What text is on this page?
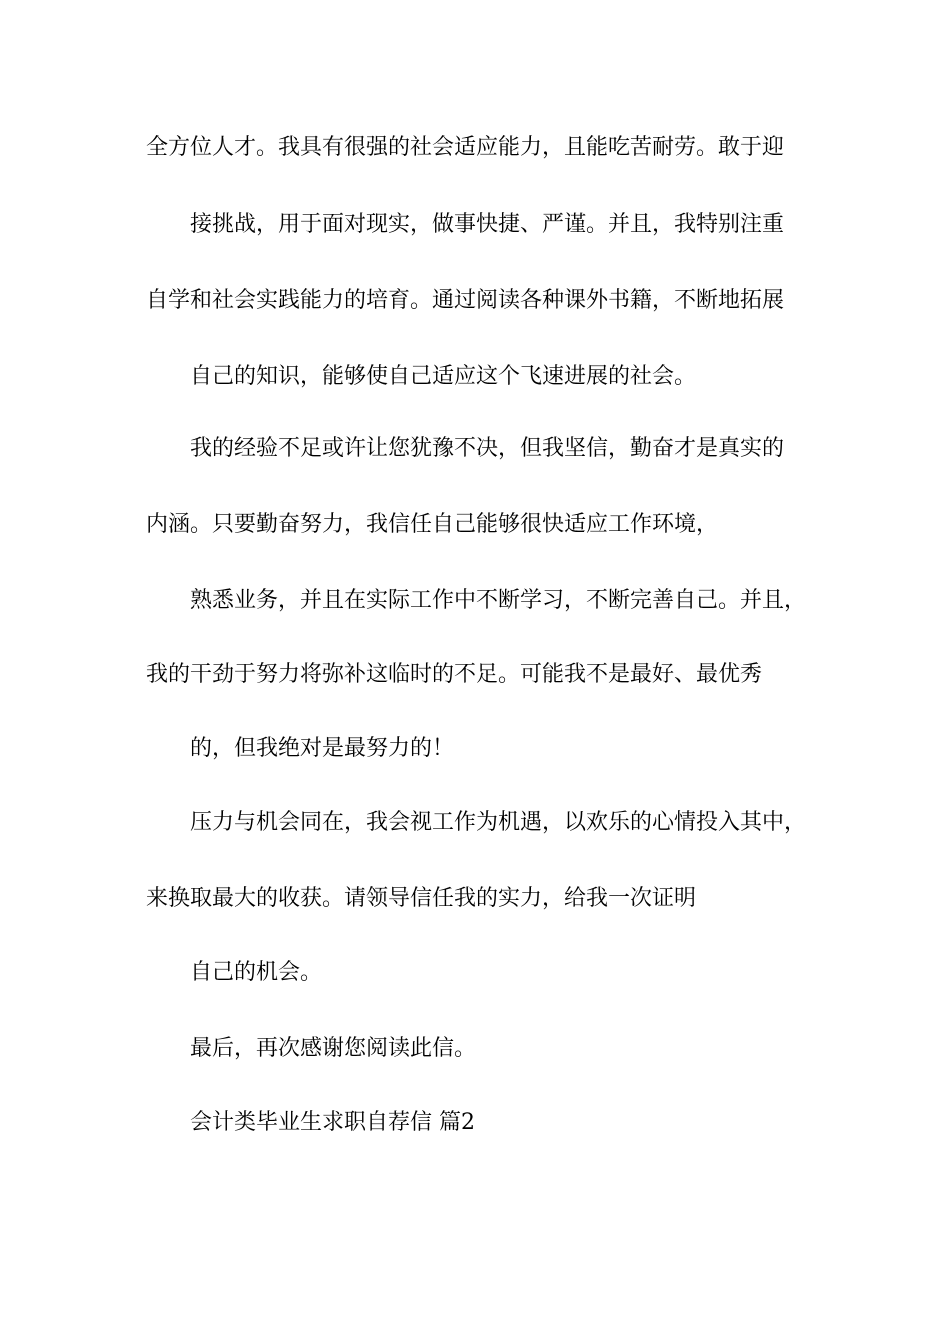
全方位人才。我具有很强的社会适应能力，且能吃苦耐劳。敢于迎

接挑战，用于面对现实，做事快捷、严谨。并且，我特别注重

自学和社会实践能力的培育。通过阅读各种课外书籍，不断地拓展

自己的知识，能够使自己适应这个飞速进展的社会。

我的经验不足或许让您犹豫不决，但我坚信，勤奋才是真实的

内涵。只要勤奋努力，我信任自己能够很快适应工作环境，

熟悉业务，并且在实际工作中不断学习，不断完善自己。并且，

我的干劲于努力将弥补这临时的不足。可能我不是最好、最优秀

的，但我绝对是最努力的！

压力与机会同在，我会视工作为机遇，以欢乐的心情投入其中，

来换取最大的收获。请领导信任我的实力，给我一次证明

自己的机会。

最后，再次感谢您阅读此信。

会计类毕业生求职自荐信 篇2
